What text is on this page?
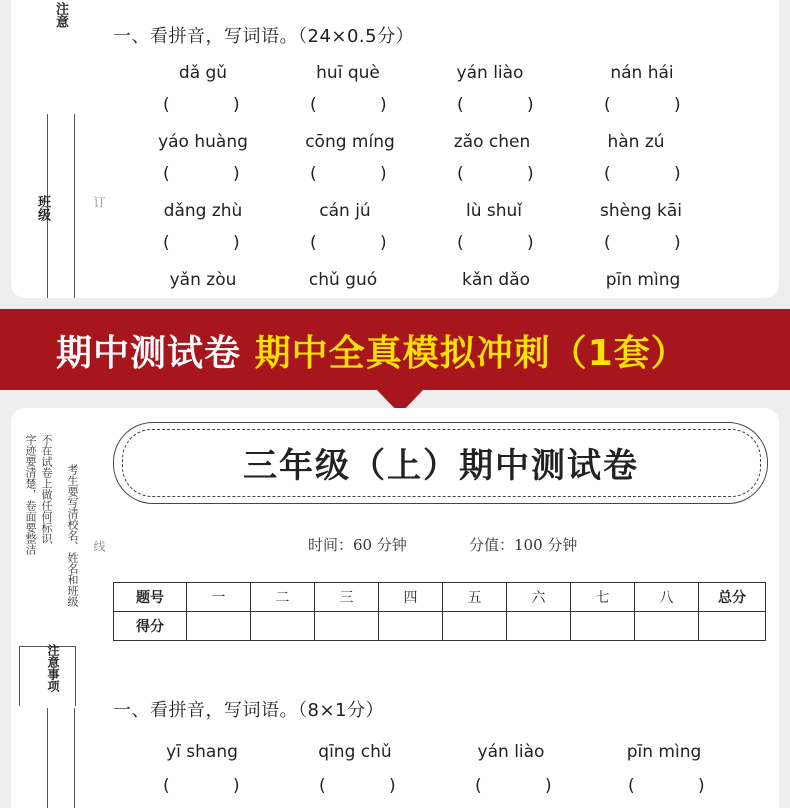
注意
班级	订
一、看拼音，写词语。（24×0.5分）
dǎ gǔ	huī què	yán liào	nán hái
(	)	(	)	(	)	(	)
yáo huàng	cōng míng	zǎo chen	hàn zú
(	)	(	)	(	)	(	)
dǎng zhù	cán jú	lù shuǐ	shèng kāi
(	)	(	)	(	)	(	)
yǎn zòu	chǔ guó	kǎn dǎo	pīn mìng
期中测试卷 期中全真模拟冲刺（1套）
字迹要清楚，卷面要整洁 不在试卷上做任何标识 考生要写清校名、姓名和班级
注意事项
线
三年级（上）期中测试卷
时间：60 分钟	分值：100 分钟
题号	一	二	三	四	五	六	七	八	总分
得分									
一、看拼音，写词语。（8×1分）
yī shang	qīng chǔ	yán liào	pīn mìng
(	)	(	)	(	)	(	)
